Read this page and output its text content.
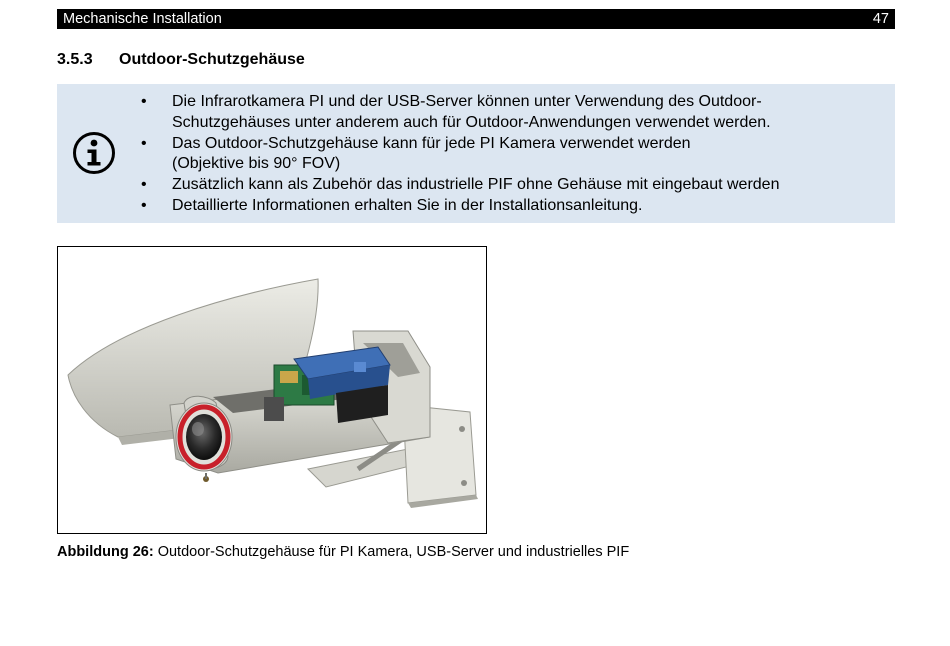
Mechanische Installation	47
3.5.3 Outdoor-Schutzgehäuse
• Die Infrarotkamera PI und der USB-Server können unter Verwendung des Outdoor-
Schutzgehäuses unter anderem auch für Outdoor-Anwendungen verwendet werden.
• Das Outdoor-Schutzgehäuse kann für jede PI Kamera verwendet werden
(Objektive bis 90° FOV)
• Zusätzlich kann als Zubehör das industrielle PIF ohne Gehäuse mit eingebaut werden
• Detaillierte Informationen erhalten Sie in der Installationsanleitung.
Abbildung 26: Outdoor-Schutzgehäuse für PI Kamera, USB-Server und industrielles PIF
